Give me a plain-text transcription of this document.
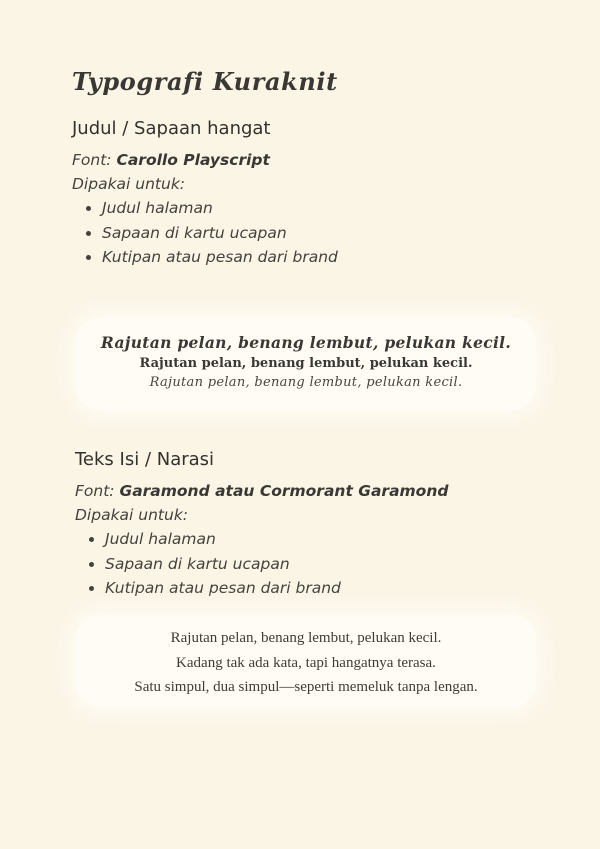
Typografi Kuraknit
Judul / Sapaan hangat
Font: Carollo Playscript
Dipakai untuk:
Judul halaman
Sapaan di kartu ucapan
Kutipan atau pesan dari brand
Rajutan pelan, benang lembut, pelukan kecil.
Rajutan pelan, benang lembut, pelukan kecil.
Rajutan pelan, benang lembut, pelukan kecil.
Teks Isi / Narasi
Font: Garamond atau Cormorant Garamond
Dipakai untuk:
Judul halaman
Sapaan di kartu ucapan
Kutipan atau pesan dari brand
Rajutan pelan, benang lembut, pelukan kecil.
Kadang tak ada kata, tapi hangatnya terasa.
Satu simpul, dua simpul—seperti memeluk tanpa lengan.
